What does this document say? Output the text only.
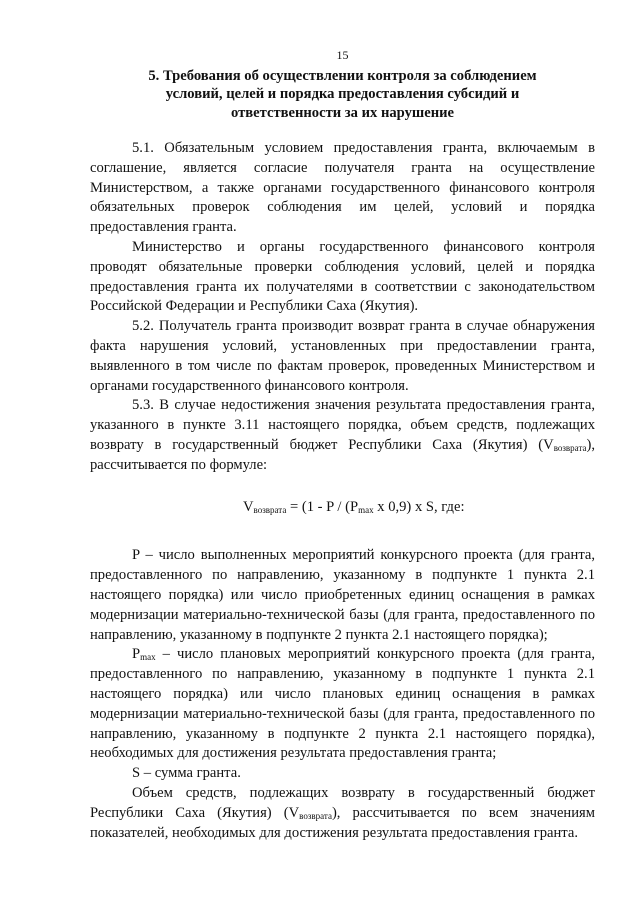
15
5. Требования об осуществлении контроля за соблюдением
условий, целей и порядка предоставления субсидий и
ответственности за их нарушение

5.1. Обязательным условием предоставления гранта, включаемым в соглашение, является согласие получателя гранта на осуществление Министерством, а также органами государственного финансового контроля обязательных проверок соблюдения им целей, условий и порядка предоставления гранта.

Министерство и органы государственного финансового контроля проводят обязательные проверки соблюдения условий, целей и порядка предоставления гранта их получателями в соответствии с законодательством Российской Федерации и Республики Саха (Якутия).

5.2. Получатель гранта производит возврат гранта в случае обнаружения факта нарушения условий, установленных при предоставлении гранта, выявленного в том числе по фактам проверок, проведенных Министерством и органами государственного финансового контроля.

5.3. В случае недостижения значения результата предоставления гранта, указанного в пункте 3.11 настоящего порядка, объем средств, подлежащих возврату в государственный бюджет Республики Саха (Якутия) $(V_{возврата})$, рассчитывается по формуле:

$V_{возврата} = (1 - P / (P_{max}$ x 0,9) x S, где:

P – число выполненных мероприятий конкурсного проекта (для гранта, предоставленного по направлению, указанному в подпункте 1 пункта 2.1 настоящего порядка) или число приобретенных единиц оснащения в рамках модернизации материально-технической базы (для гранта, предоставленного по направлению, указанному в подпункте 2 пункта 2.1 настоящего порядка);

$P_{max}$ – число плановых мероприятий конкурсного проекта (для гранта, предоставленного по направлению, указанному в подпункте 1 пункта 2.1 настоящего порядка) или число плановых единиц оснащения в рамках модернизации материально-технической базы (для гранта, предоставленного по направлению, указанному в подпункте 2 пункта 2.1 настоящего порядка), необходимых для достижения результата предоставления гранта;

S – сумма гранта.

Объем средств, подлежащих возврату в государственный бюджет Республики Саха (Якутия) $(V_{возврата})$, рассчитывается по всем значениям показателей, необходимых для достижения результата предоставления гранта.
